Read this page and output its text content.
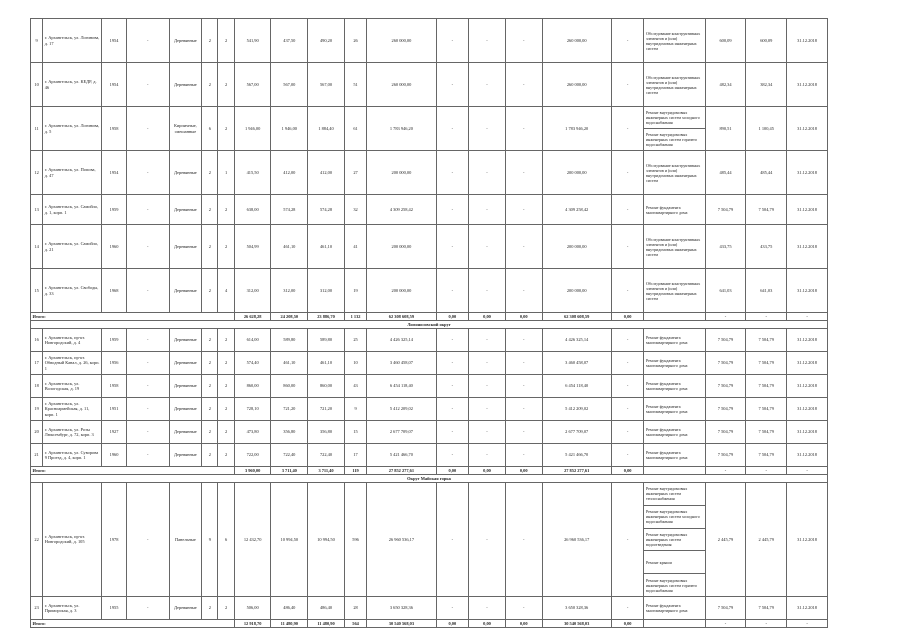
9	г. Архангельск, ул. Логинова, д. 17	1954	-	Деревянные	2	2	541,90	437,50	490,20	26	260 000,00	-	-	-	260 000,00	-	Обследование конструктивных элементов и (или) внутридомовых инженерных систем	600,09	600,09	31.12.2018
10	г. Архангельск, ул. КЕДР, д. 46	1954	-	Деревянные	2	2	567,00	567,00	567,00	51	260 000,00	-	-	-	260 000,00	-	Обследование конструктивных элементов и (или) внутридомовых инженерных систем	482,34	382,34	31.12.2018
11	г. Архангельск, ул. Логинова, д. 5	1958	-	Кирпичные, смешанные	6	2	1 946,00	1 946,00	1 884,40	61	1 783 946,20	-	-	-	1 783 946,20	-	Ремонт внутридомовых инженерных систем холодного водоснабжения	890,51	1 100,45	31.12.2018
																	Ремонт внутридомовых инженерных систем горячего водоснабжения			
12	г. Архангельск, ул. Попова, д. 47	1954	-	Деревянные	2	1	415,50	412,00	412,00	27	200 000,00	-	-	-	200 000,00	-	Обследование конструктивных элементов и (или) внутридомовых инженерных систем	485,44	485,44	31.12.2018
13	г. Архангельск, ул. Самойло, д. 1, корп. 1	1959	-	Деревянные	2	2	638,00	574,28	574,28	32	4 309 258,42	-	-	-	4 309 258,42	-	Ремонт фундамента многоквартирного дома	7 504,79	7 504,79	31.12.2018
14	г. Архангельск, ул. Самойло, д. 21	1960	-	Деревянные	2	2	504,99	461,10	461,10	41	200 000,00	-	-	-	200 000,00	-	Обследование конструктивных элементов и (или) внутридомовых инженерных систем	433,75	433,75	31.12.2018
15	г. Архангельск, ул. Свободы, д. 33	1968	-	Деревянные	2	4	312,00	312,00	312,00	19	200 000,00	-	-	-	200 000,00	-	Обследование конструктивных элементов и (или) внутридомовых инженерных систем	641,03	641,03	31.12.2018
Итого:							26 628,28	24 208,50	23 886,70	1 132	62 308 608,59	0,00	0,00	0,00	62 308 608,59	0,00		-	-	-
Ломоносовский округ																				
16	г. Архангельск, пр-кт. Новгородский, д. 4	1959	-	Деревянные	2	2	614,00	589,80	589,80	25	4 426 325,14	-	-	-	4 426 325,14	-	Ремонт фундамента многоквартирного дома	7 504,79	7 504,79	31.12.2018
17	г. Архангельск, пр-кт. Обводный Канал, д. 26, корп. 1	1956	-	Деревянные	2	2	574,40	461,10	461,10	10	3 460 458,07	-	-	-	3 460 458,07	-	Ремонт фундамента многоквартирного дома	7 504,79	7 504,79	31.12.2018
18	г. Архангельск, ул. Вологодская, д. 19	1958	-	Деревянные	2	2	860,00	860,00	860,00	43	6 454 118,40	-	-	-	6 454 118,40	-	Ремонт фундамента многоквартирного дома	7 504,79	7 504,79	31.12.2018
19	г. Архангельск, ул. Красноармейская, д. 11, корп. 1	1951	-	Деревянные	2	2	728,10	721,20	721,20	9	5 412 209,02	-	-	-	5 412 209,02	-	Ремонт фундамента многоквартирного дома	7 504,79	7 504,79	31.12.2018
20	г. Архангельск, ул. Розы Люксембург, д. 72, корп. 3	1927	-	Деревянные	2	2	473,80	356,80	356,80	15	2 677 709,07	-	-	-	2 677 709,07	-	Ремонт фундамента многоквартирного дома	7 504,79	7 504,79	31.12.2018
21	г. Архангельск, ул. Суворова 9 Проезд, д. 4, корп. 1	1960	-	Деревянные	2	2	722,00	722,40	722,40	17	5 421 466,70	-	-	-	5 421 466,70	-	Ремонт фундамента многоквартирного дома	7 504,79	7 504,79	31.12.2018
Итого:							3 960,00	3 711,40	3 711,40	119	27 852 277,61	0,00	0,00	0,00	27 852 277,61	0,00		-	-	-
Округ Майская горка																				
22	г. Архангельск, пр-кт. Новгородский, д. 105	1978	-	Панельные	9	6	12 432,70	10 994,50	10 994,50	596	26 960 536,17	-	-	-	26 960 536,17	-	Ремонт внутридомовых инженерных систем теплоснабжения	2 445,79	2 445,79	31.12.2018
																	Ремонт внутридомовых инженерных систем холодного водоснабжения			
																	Ремонт внутридомовых инженерных систем водоотведения			
																	Ремонт крыши			
																	Ремонт внутридомовых инженерных систем горячего водоснабжения			
23	г. Архангельск, ул. Приморская, д. 3	1955	-	Деревянные	2	2	506,00	486,40	486,40	28	3 650 328,36	-	-	-	3 650 328,36	-	Ремонт фундамента многоквартирного дома	7 504,79	7 504,79	31.12.2018
Итого:							12 918,70	11 480,90	11 480,90	564	30 540 568,03	0,00	0,00	0,00	30 540 568,03	0,00		-	-	-
